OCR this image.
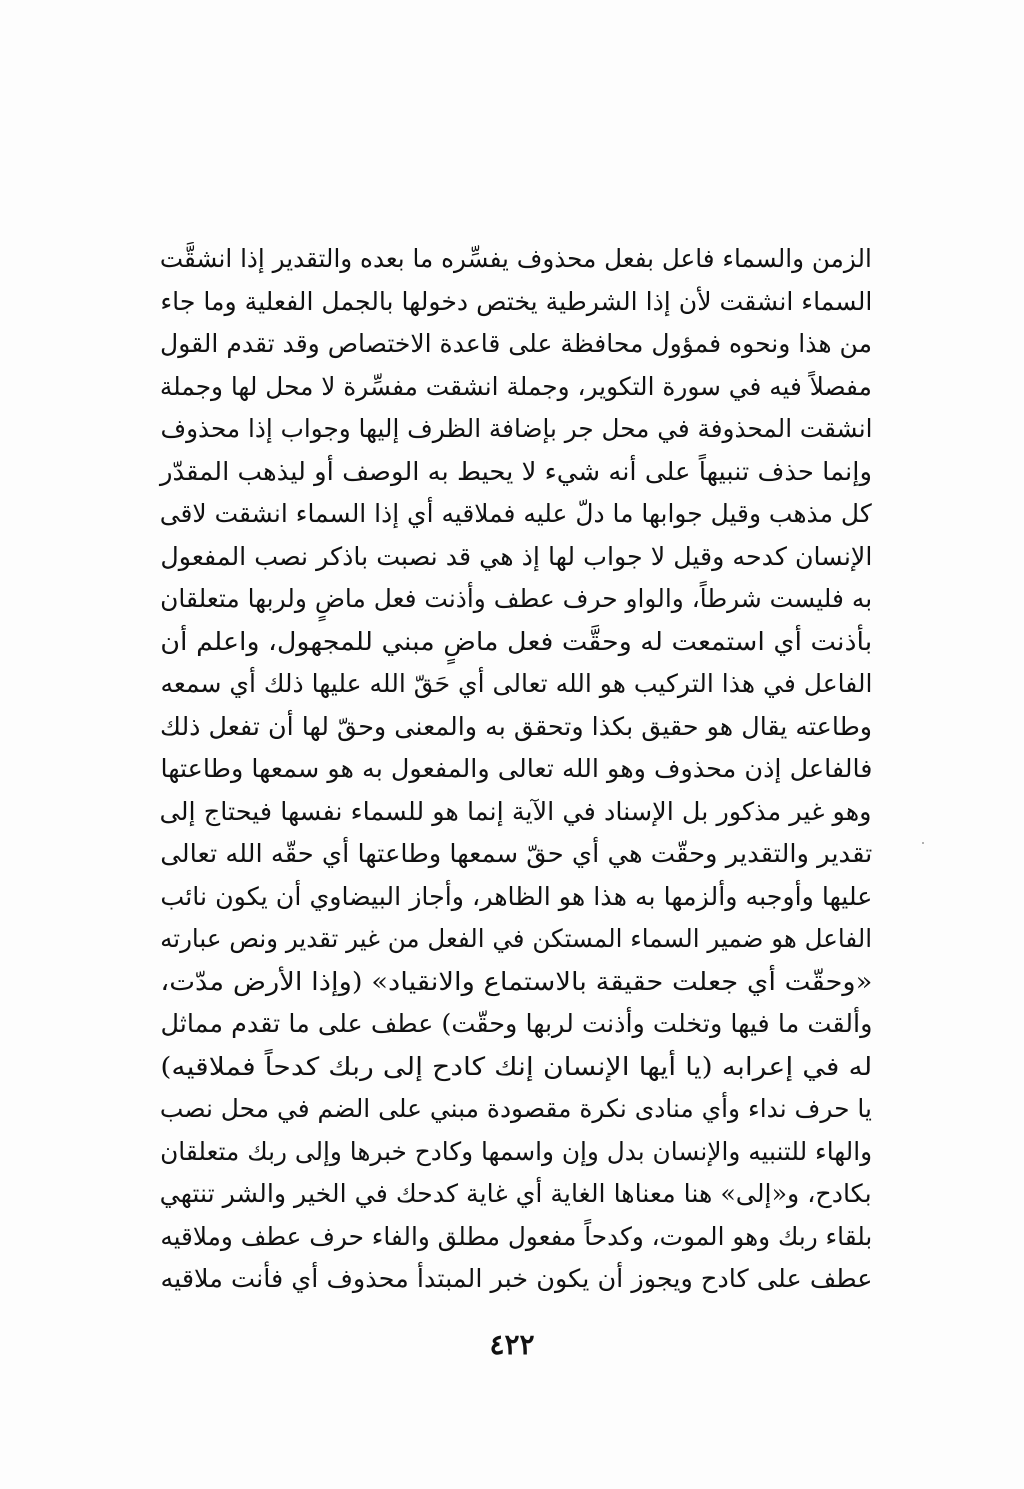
الزمن والسماء فاعل بفعل محذوف يفسِّره ما بعده والتقدير إذا انشقَّت
السماء انشقت لأن إذا الشرطية يختص دخولها بالجمل الفعلية وما جاء
من هذا ونحوه فمؤول محافظة على قاعدة الاختصاص وقد تقدم القول
مفصلاً فيه في سورة التكوير، وجملة انشقت مفسِّرة لا محل لها وجملة
انشقت المحذوفة في محل جر بإضافة الظرف إليها وجواب إذا محذوف
وإنما حذف تنبيهاً على أنه شيء لا يحيط به الوصف أو ليذهب المقدّر
كل مذهب وقيل جوابها ما دلّ عليه فملاقيه أي إذا السماء انشقت لاقى
الإنسان كدحه وقيل لا جواب لها إذ هي قد نصبت باذكر نصب المفعول
به فليست شرطاً، والواو حرف عطف وأذنت فعل ماضٍ ولربها متعلقان
بأذنت أي استمعت له وحقَّت فعل ماضٍ مبني للمجهول، واعلم أن
الفاعل في هذا التركيب هو الله تعالى أي حَقّ الله عليها ذلك أي سمعه
وطاعته يقال هو حقيق بكذا وتحقق به والمعنى وحقّ لها أن تفعل ذلك
فالفاعل إذن محذوف وهو الله تعالى والمفعول به هو سمعها وطاعتها
وهو غير مذكور بل الإسناد في الآية إنما هو للسماء نفسها فيحتاج إلى
تقدير والتقدير وحقّت هي أي حقّ سمعها وطاعتها أي حقّه الله تعالى
عليها وأوجبه وألزمها به هذا هو الظاهر، وأجاز البيضاوي أن يكون نائب
الفاعل هو ضمير السماء المستكن في الفعل من غير تقدير ونص عبارته
«وحقّت أي جعلت حقيقة بالاستماع والانقياد» (وإذا الأرض مدّت،
وألقت ما فيها وتخلت وأذنت لربها وحقّت) عطف على ما تقدم مماثل
له في إعرابه (يا أيها الإنسان إنك كادح إلى ربك كدحاً فملاقيه)
يا حرف نداء وأي منادى نكرة مقصودة مبني على الضم في محل نصب
والهاء للتنبيه والإنسان بدل وإن واسمها وكادح خبرها وإلى ربك متعلقان
بكادح، و«إلى» هنا معناها الغاية أي غاية كدحك في الخير والشر تنتهي
بلقاء ربك وهو الموت، وكدحاً مفعول مطلق والفاء حرف عطف وملاقيه
عطف على كادح ويجوز أن يكون خبر المبتدأ محذوف أي فأنت ملاقيه
٤٢٢
